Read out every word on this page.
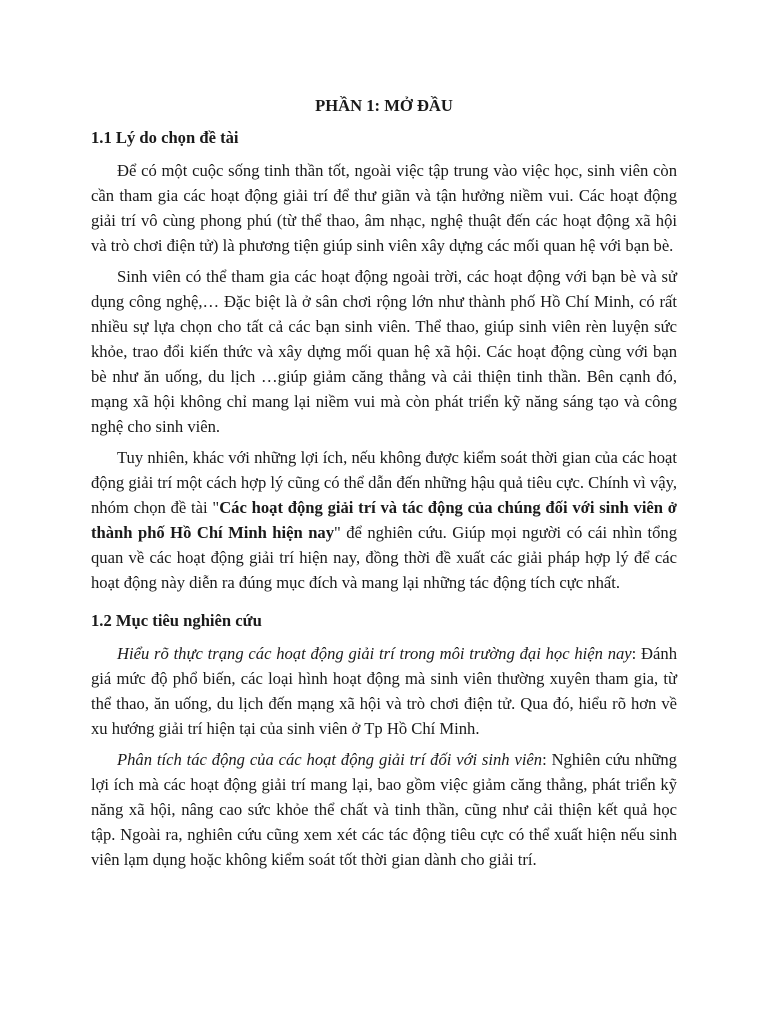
PHẦN 1: MỞ ĐẦU
1.1 Lý do chọn đề tài

Để có một cuộc sống tinh thần tốt, ngoài việc tập trung vào việc học, sinh viên còn cần tham gia các hoạt động giải trí để thư giãn và tận hưởng niềm vui. Các hoạt động giải trí vô cùng phong phú (từ thể thao, âm nhạc, nghệ thuật đến các hoạt động xã hội và trò chơi điện tử) là phương tiện giúp sinh viên xây dựng các mối quan hệ với bạn bè.

Sinh viên có thể tham gia các hoạt động ngoài trời, các hoạt động với bạn bè và sử dụng công nghệ,… Đặc biệt là ở sân chơi rộng lớn như thành phố Hồ Chí Minh, có rất nhiều sự lựa chọn cho tất cả các bạn sinh viên. Thể thao, giúp sinh viên rèn luyện sức khỏe, trao đổi kiến thức và xây dựng mối quan hệ xã hội. Các hoạt động cùng với bạn bè như ăn uống, du lịch …giúp giảm căng thẳng và cải thiện tinh thần. Bên cạnh đó, mạng xã hội không chỉ mang lại niềm vui mà còn phát triển kỹ năng sáng tạo và công nghệ cho sinh viên.

Tuy nhiên, khác với những lợi ích, nếu không được kiểm soát thời gian của các hoạt động giải trí một cách hợp lý cũng có thể dẫn đến những hậu quả tiêu cực. Chính vì vậy, nhóm chọn đề tài "Các hoạt động giải trí và tác động của chúng đối với sinh viên ở thành phố Hồ Chí Minh hiện nay" để nghiên cứu. Giúp mọi người có cái nhìn tổng quan về các hoạt động giải trí hiện nay, đồng thời đề xuất các giải pháp hợp lý để các hoạt động này diễn ra đúng mục đích và mang lại những tác động tích cực nhất.

1.2 Mục tiêu nghiên cứu

Hiểu rõ thực trạng các hoạt động giải trí trong môi trường đại học hiện nay: Đánh giá mức độ phổ biến, các loại hình hoạt động mà sinh viên thường xuyên tham gia, từ thể thao, ăn uống, du lịch đến mạng xã hội và trò chơi điện tử. Qua đó, hiểu rõ hơn về xu hướng giải trí hiện tại của sinh viên ở Tp Hồ Chí Minh.

Phân tích tác động của các hoạt động giải trí đối với sinh viên: Nghiên cứu những lợi ích mà các hoạt động giải trí mang lại, bao gồm việc giảm căng thẳng, phát triển kỹ năng xã hội, nâng cao sức khỏe thể chất và tinh thần, cũng như cải thiện kết quả học tập. Ngoài ra, nghiên cứu cũng xem xét các tác động tiêu cực có thể xuất hiện nếu sinh viên lạm dụng hoặc không kiểm soát tốt thời gian dành cho giải trí.
